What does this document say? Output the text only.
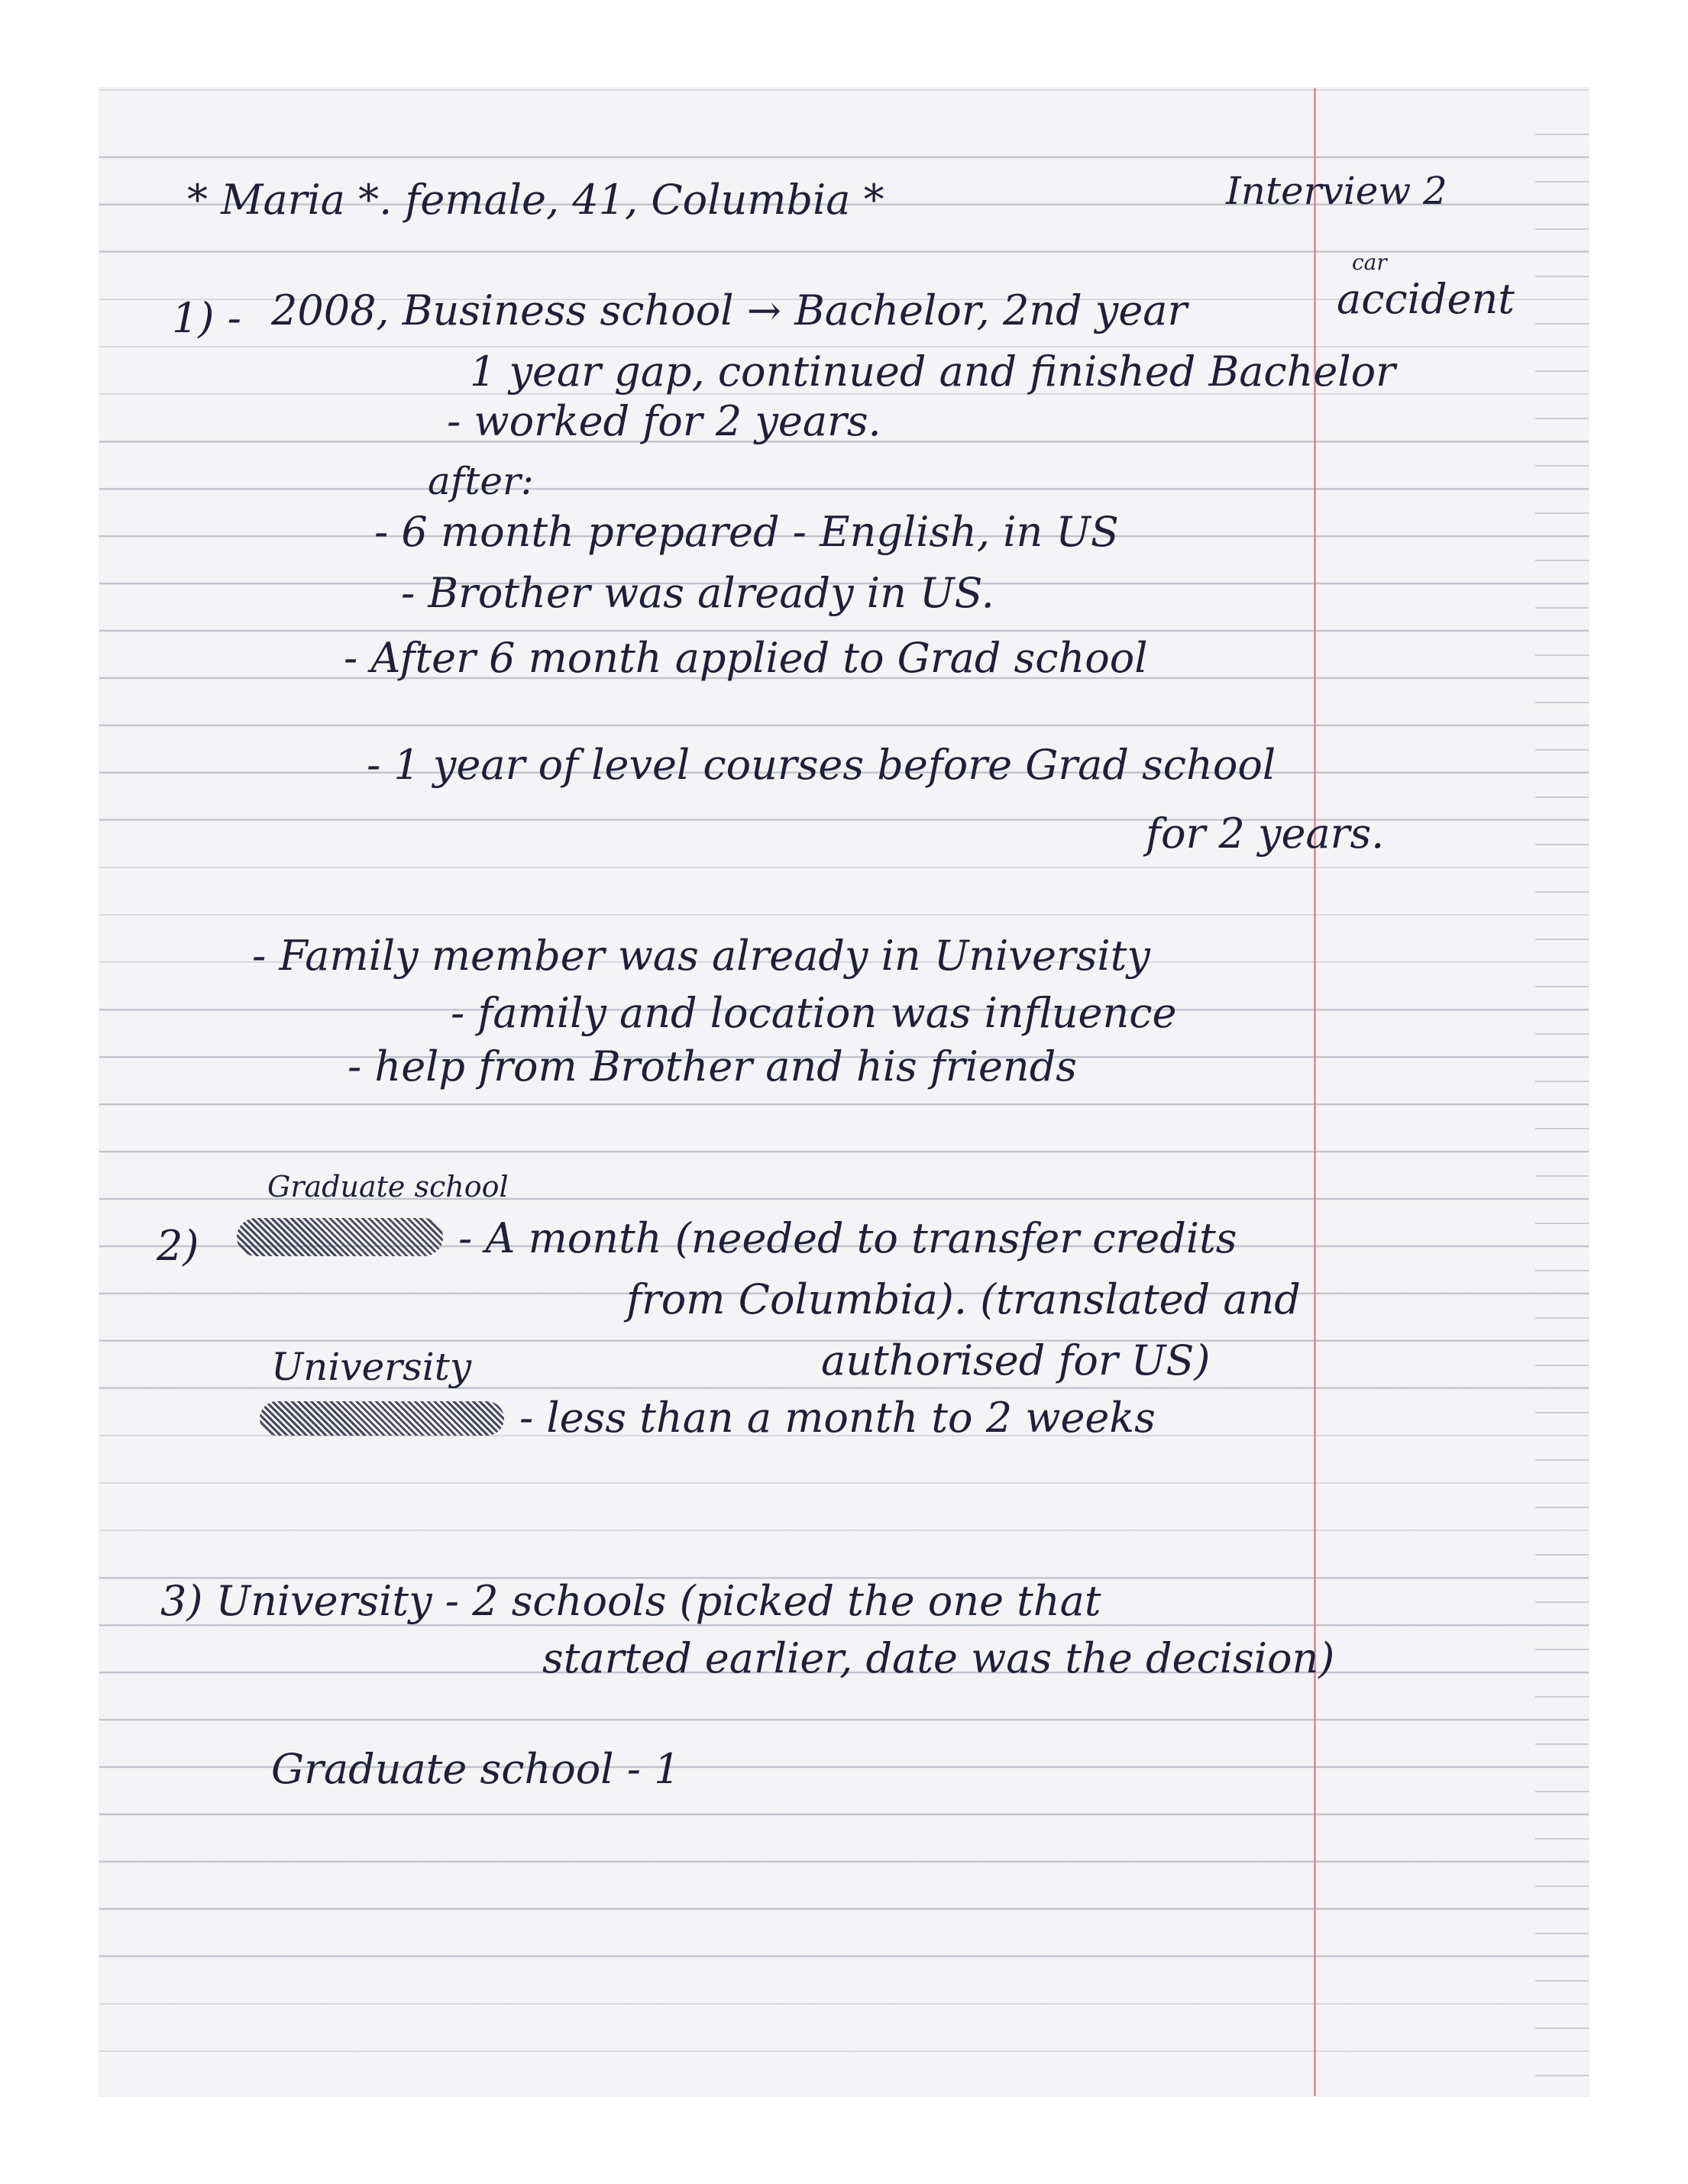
* Maria *. female, 41, Columbia *	Interview 2
1) - 2008, Business school → Bachelor, 2nd year
car
accident
1 year gap, continued and finished Bachelor
- worked for 2 years.
after:
- 6 month prepared - English, in US
- Brother was already in US.
- After 6 month applied to Grad school
- 1 year of level courses before Grad school
for 2 years.
- Family member was already in University
- family and location was influence
- help from Brother and his friends
Graduate school
2)	- A month (needed to transfer credits
from Columbia). (translated and
University	authorised for US)
- less than a month to 2 weeks
3) University - 2 schools (picked the one that
started earlier, date was the decision)
Graduate school - 1
